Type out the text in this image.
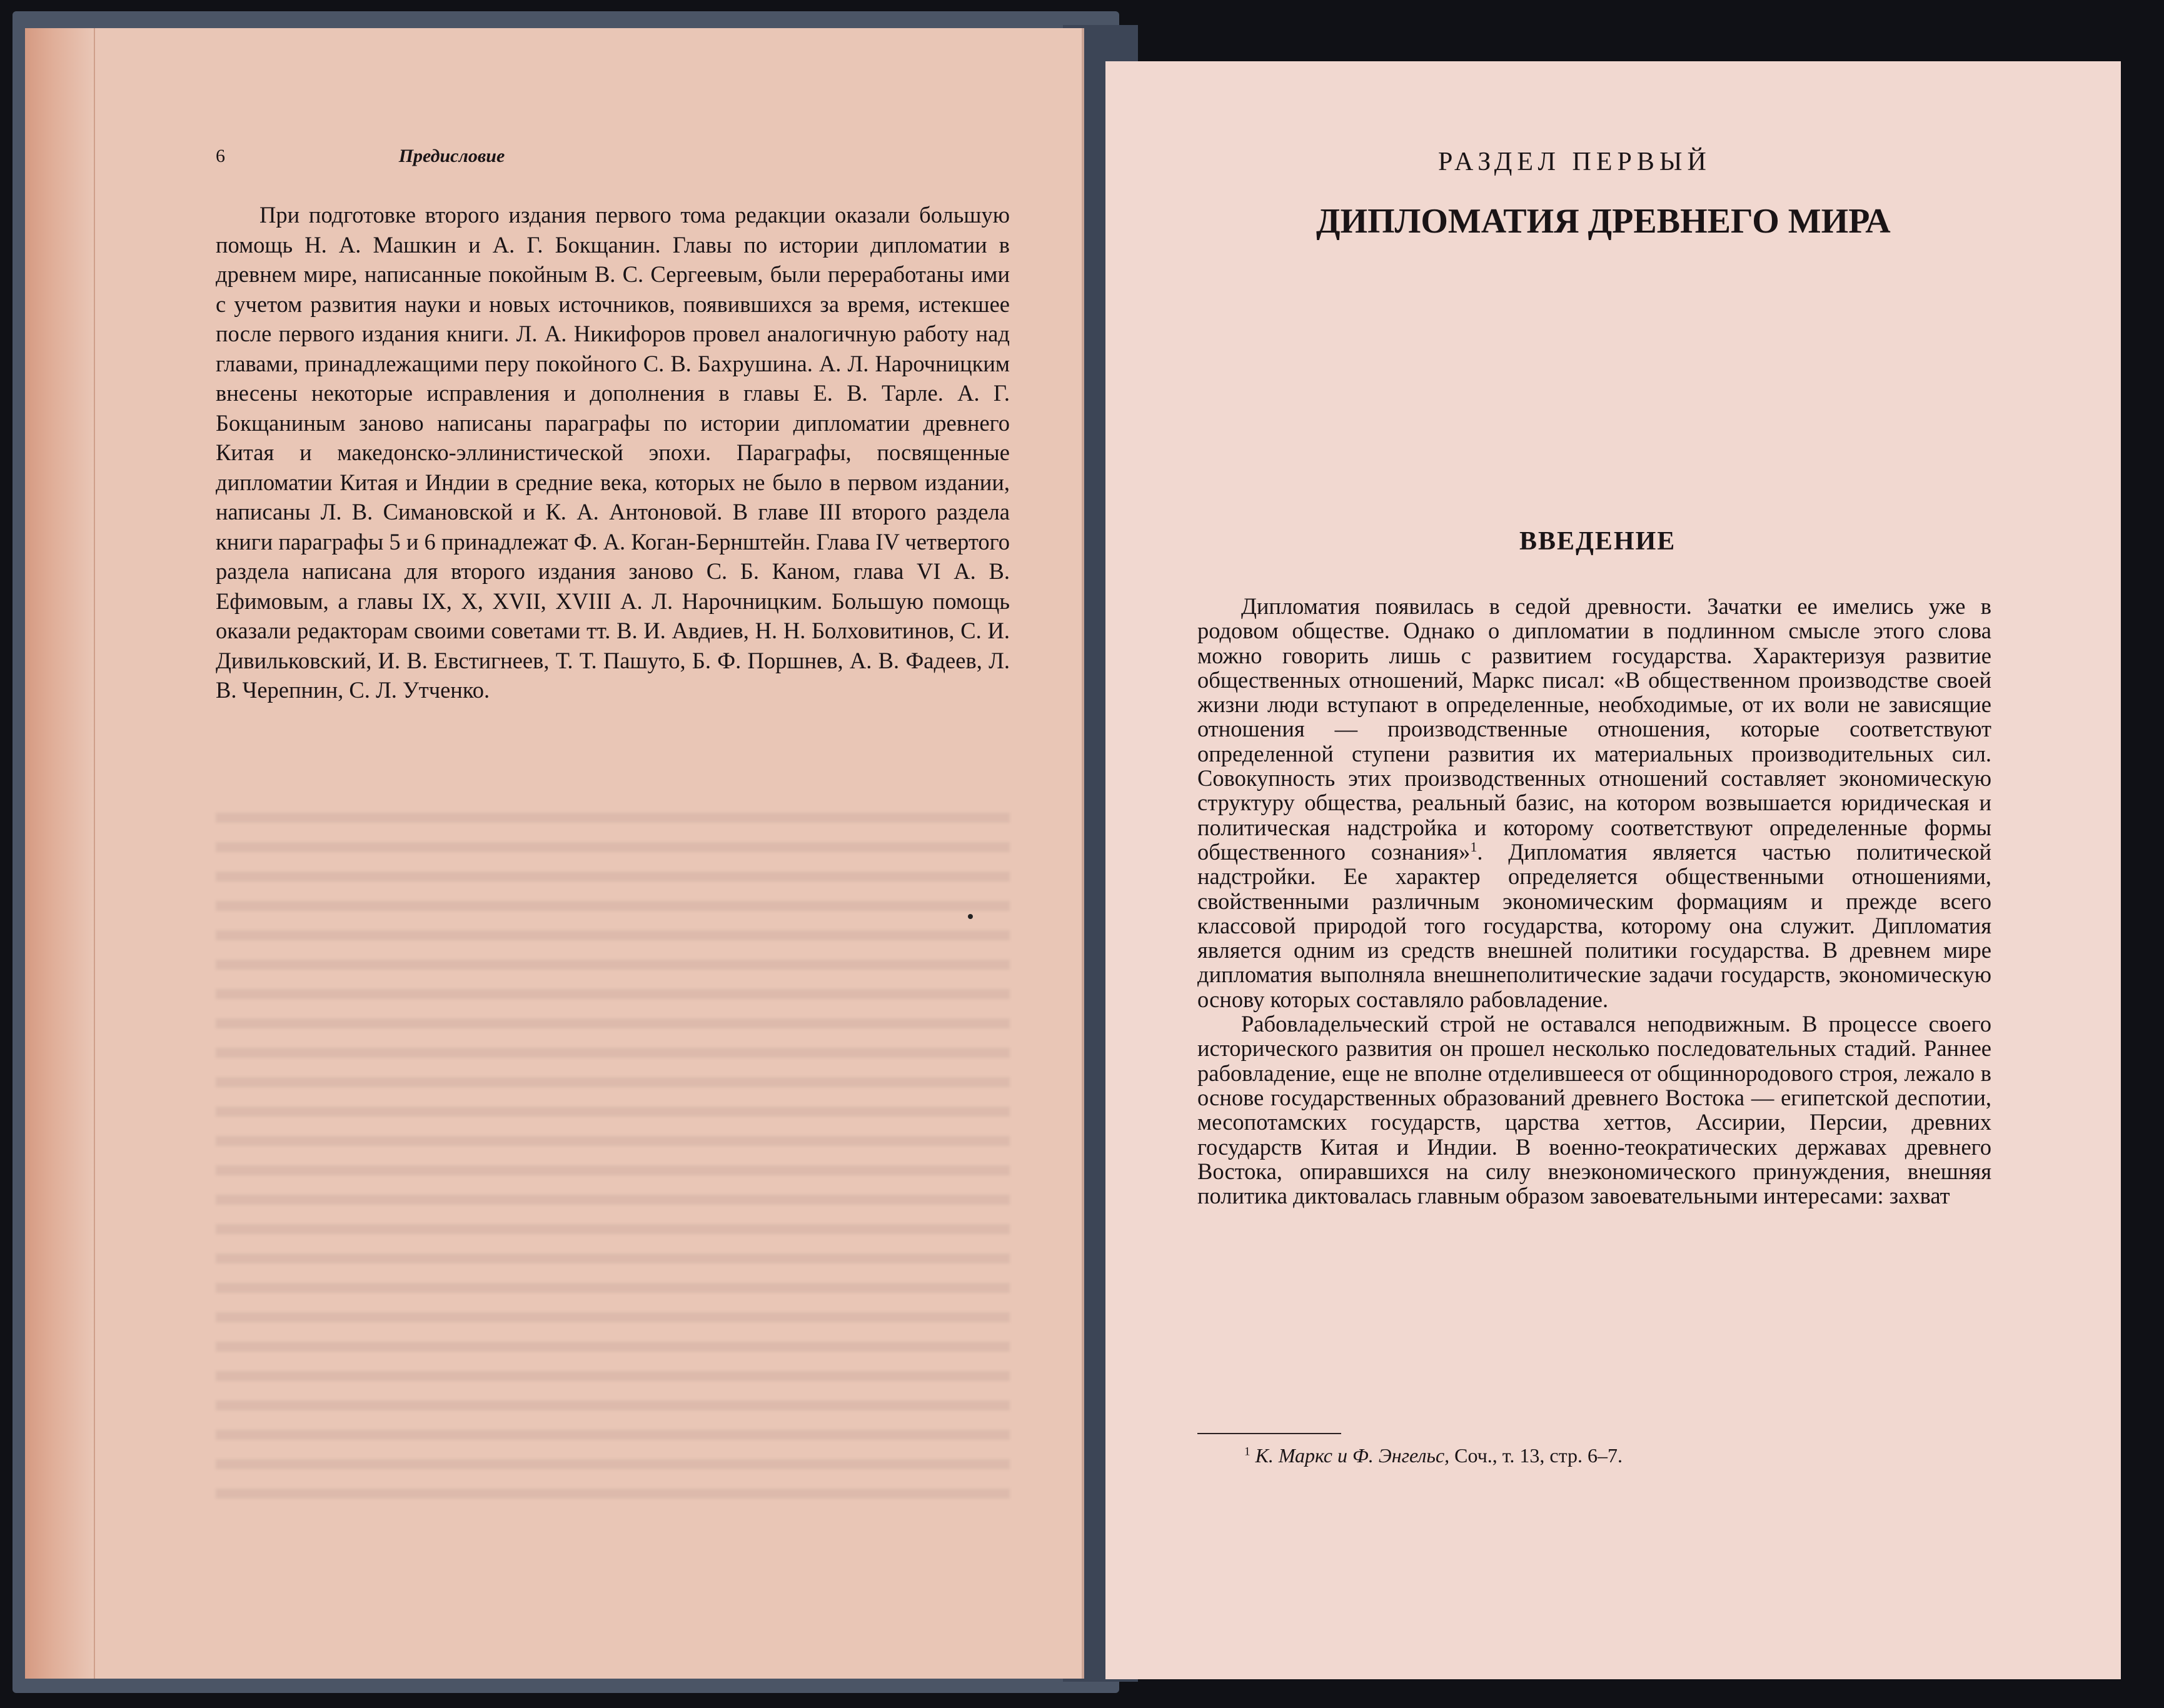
6	Предисловие

При подготовке второго издания первого тома редакции оказали большую помощь Н. А. Машкин и А. Г. Бокщанин. Главы по истории дипломатии в древнем мире, написанные покойным В. С. Сергеевым, были переработаны ими с учетом развития науки и новых источников, появившихся за время, истекшее после первого издания книги. Л. А. Никифоров провел аналогичную работу над главами, принадлежащими перу покойного С. В. Бахрушина. А. Л. Нарочницким внесены некоторые исправления и дополнения в главы Е. В. Тарле. А. Г. Бокщаниным заново написаны параграфы по истории дипломатии древнего Китая и македонско-эллинистической эпохи. Параграфы, посвященные дипломатии Китая и Индии в средние века, которых не было в первом издании, написаны Л. В. Симановской и К. А. Антоновой. В главе III второго раздела книги параграфы 5 и 6 принадлежат Ф. А. Коган-Бернштейн. Глава IV четвертого раздела написана для второго издания заново С. Б. Каном, глава VI А. В. Ефимовым, а главы IX, X, XVII, XVIII А. Л. Нарочницким. Большую помощь оказали редакторам своими советами тт. В. И. Авдиев, Н. Н. Болховитинов, С. И. Дивильковский, И. В. Евстигнеев, Т. Т. Пашуто, Б. Ф. Поршнев, А. В. Фадеев, Л. В. Черепнин, С. Л. Утченко.

РАЗДЕЛ ПЕРВЫЙ
ДИПЛОМАТИЯ ДРЕВНЕГО МИРА
ВВЕДЕНИЕ

Дипломатия появилась в седой древности. Зачатки ее имелись уже в родовом обществе. Однако о дипломатии в подлинном смысле этого слова можно говорить лишь с развитием государства. Характеризуя развитие общественных отношений, Маркс писал: «В общественном производстве своей жизни люди вступают в определенные, необходимые, от их воли не зависящие отношения — производственные отношения, которые соответствуют определенной ступени развития их материальных производительных сил. Совокупность этих производственных отношений составляет экономическую структуру общества, реальный базис, на котором возвышается юридическая и политическая надстройка и которому соответствуют определенные формы общественного сознания»$^1$. Дипломатия является частью политической надстройки. Ее характер определяется общественными отношениями, свойственными различным экономическим формациям и прежде всего классовой природой того государства, которому она служит. Дипломатия является одним из средств внешней политики государства. В древнем мире дипломатия выполняла внешнеполитические задачи государств, экономическую основу которых составляло рабовладение.

Рабовладельческий строй не оставался неподвижным. В процессе своего исторического развития он прошел несколько последовательных стадий. Раннее рабовладение, еще не вполне отделившееся от общиннородового строя, лежало в основе государственных образований древнего Востока — египетской деспотии, месопотамских государств, царства хеттов, Ассирии, Персии, древних государств Китая и Индии. В военно-теократических державах древнего Востока, опиравшихся на силу внеэкономического принуждения, внешняя политика диктовалась главным образом завоевательными интересами: захват

$^1$ К. Маркс и Ф. Энгельс, Соч., т. 13, стр. 6–7.
